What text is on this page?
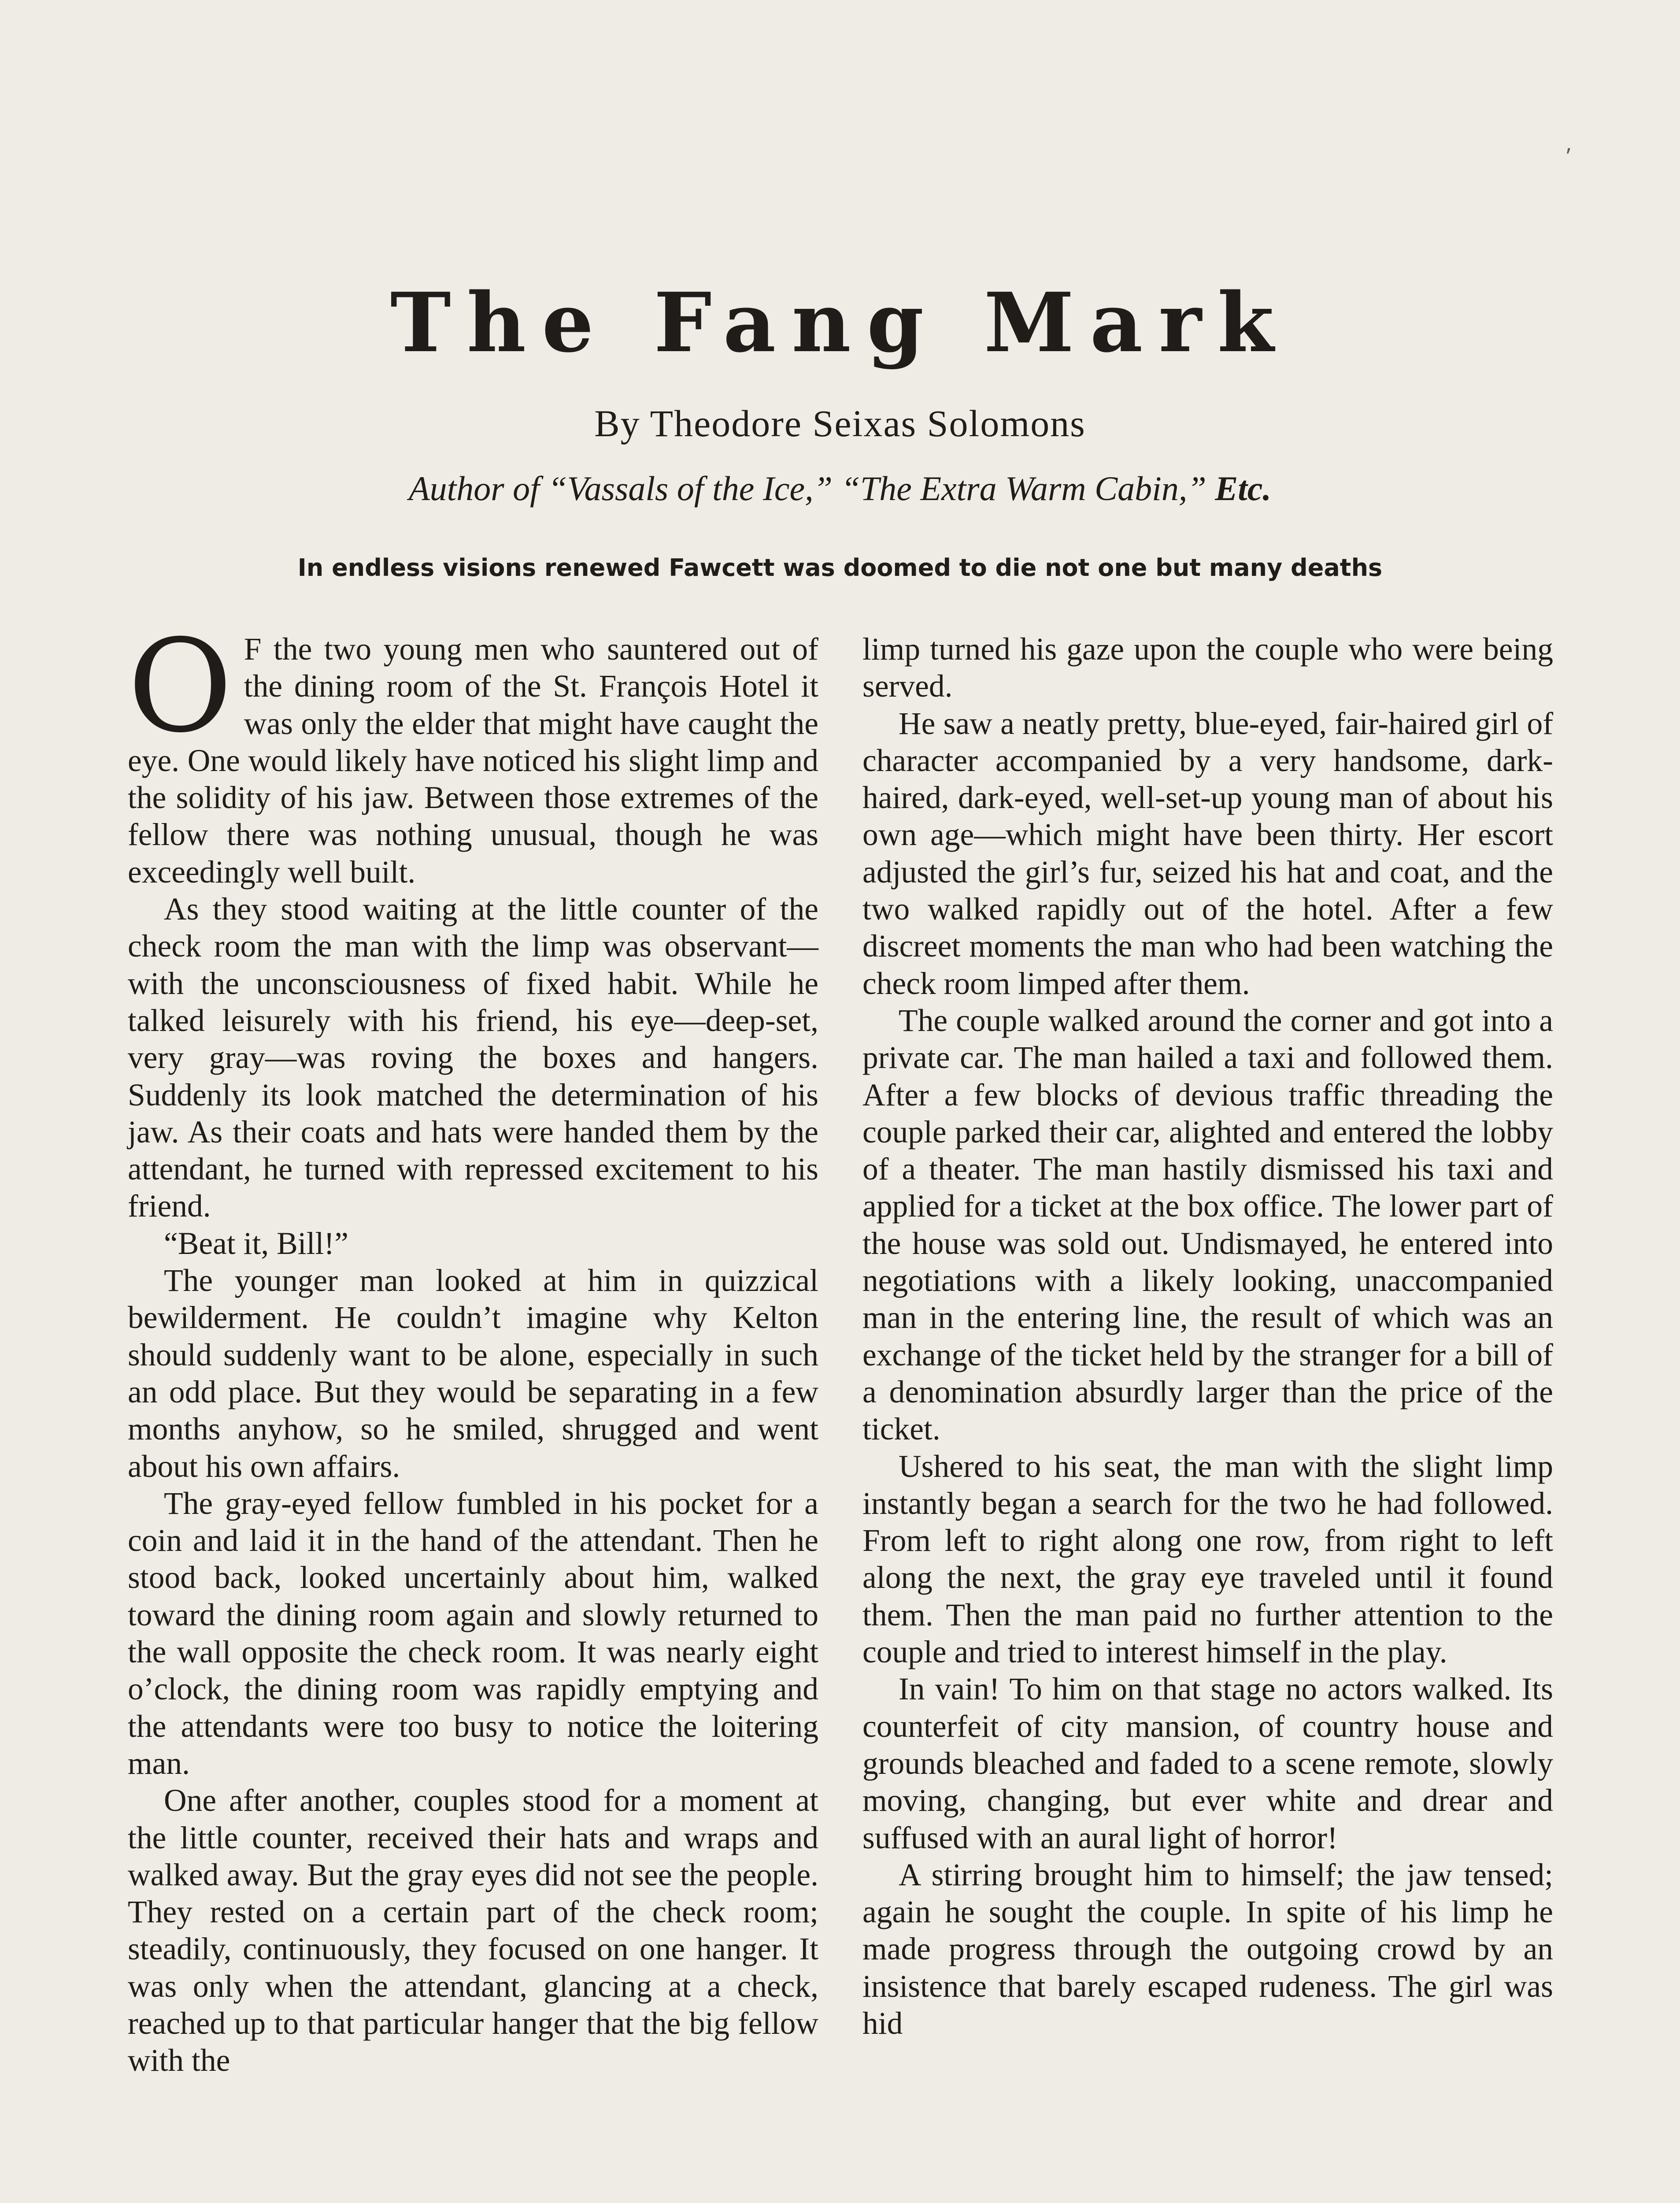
⸴
The Fang Mark
By Theodore Seixas Solomons
Author of “Vassals of the Ice,” “The Extra Warm Cabin,” Etc.
In endless visions renewed Fawcett was doomed to die not one but many deaths

O F the two young men who sauntered out of the dining room of the St. François Hotel it was only the elder that might have caught the eye. One would likely have noticed his slight limp and the solidity of his jaw. Between those extremes of the fellow there was nothing unusual, though he was exceedingly well built.

As they stood waiting at the little counter of the check room the man with the limp was observant—with the unconsciousness of fixed habit. While he talked leisurely with his friend, his eye—deep-set, very gray—was roving the boxes and hangers. Suddenly its look matched the determination of his jaw. As their coats and hats were handed them by the attendant, he turned with repressed excitement to his friend.

“Beat it, Bill!”

The younger man looked at him in quizzical bewilderment. He couldn’t imagine why Kelton should suddenly want to be alone, especially in such an odd place. But they would be separating in a few months anyhow, so he smiled, shrugged and went about his own affairs.

The gray-eyed fellow fumbled in his pocket for a coin and laid it in the hand of the attendant. Then he stood back, looked uncertainly about him, walked toward the dining room again and slowly returned to the wall opposite the check room. It was nearly eight o’clock, the dining room was rapidly emptying and the attendants were too busy to notice the loitering man.

One after another, couples stood for a moment at the little counter, received their hats and wraps and walked away. But the gray eyes did not see the people. They rested on a certain part of the check room; steadily, continuously, they focused on one hanger. It was only when the attendant, glancing at a check, reached up to that particular hanger that the big fellow with the

limp turned his gaze upon the couple who were being served.

He saw a neatly pretty, blue-eyed, fair-haired girl of character accompanied by a very handsome, dark-haired, dark-eyed, well-set-up young man of about his own age—which might have been thirty. Her escort adjusted the girl’s fur, seized his hat and coat, and the two walked rapidly out of the hotel. After a few discreet moments the man who had been watching the check room limped after them.

The couple walked around the corner and got into a private car. The man hailed a taxi and followed them. After a few blocks of devious traffic threading the couple parked their car, alighted and entered the lobby of a theater. The man hastily dismissed his taxi and applied for a ticket at the box office. The lower part of the house was sold out. Undismayed, he entered into negotiations with a likely looking, unaccompanied man in the entering line, the result of which was an exchange of the ticket held by the stranger for a bill of a denomination absurdly larger than the price of the ticket.

Ushered to his seat, the man with the slight limp instantly began a search for the two he had followed. From left to right along one row, from right to left along the next, the gray eye traveled until it found them. Then the man paid no further attention to the couple and tried to interest himself in the play.

In vain! To him on that stage no actors walked. Its counterfeit of city mansion, of country house and grounds bleached and faded to a scene remote, slowly moving, changing, but ever white and drear and suffused with an aural light of horror!

A stirring brought him to himself; the jaw tensed; again he sought the couple. In spite of his limp he made progress through the outgoing crowd by an insistence that barely escaped rudeness. The girl was hid
